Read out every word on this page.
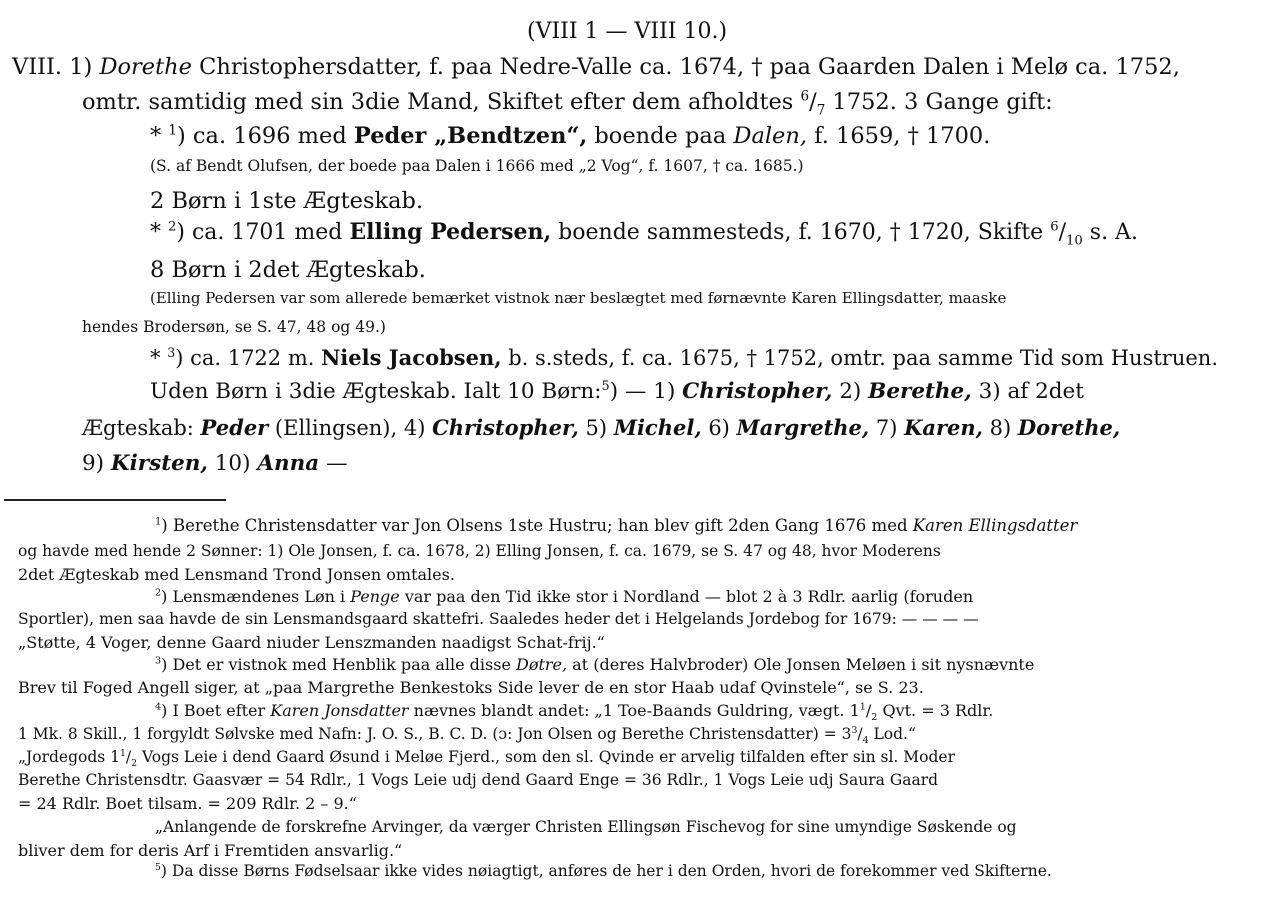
(VIII 1 — VIII 10.)
VIII. 1) Dorethe Christophersdatter, f. paa Nedre-Valle ca. 1674, † paa Gaarden Dalen i Melø ca. 1752,
omtr. samtidig med sin 3die Mand, Skiftet efter dem afholdtes $^6/_7$ 1752. 3 Gange gift:
* $^1$) ca. 1696 med Peder „Bendtzen“, boende paa Dalen, f. 1659, † 1700.
(S. af Bendt Olufsen, der boede paa Dalen i 1666 med „2 Vog“, f. 1607, † ca. 1685.)
2 Børn i 1ste Ægteskab.
* $^2$) ca. 1701 med Elling Pedersen, boende sammesteds, f. 1670, † 1720, Skifte $^6/_{10}$ s. A.
8 Børn i 2det Ægteskab.
(Elling Pedersen var som allerede bemærket vistnok nær beslægtet med førnævnte Karen Ellingsdatter, maaske
hendes Brodersøn, se S. 47, 48 og 49.)
* $^3$) ca. 1722 m. Niels Jacobsen, b. s.steds, f. ca. 1675, † 1752, omtr. paa samme Tid som Hustruen.
Uden Børn i 3die Ægteskab. Ialt 10 Børn:$^5$) — 1) Christopher, 2) Berethe, 3) af 2det
Ægteskab: Peder (Ellingsen), 4) Christopher, 5) Michel, 6) Margrethe, 7) Karen, 8) Dorethe,
9) Kirsten, 10) Anna —
$^1$) Berethe Christensdatter var Jon Olsens 1ste Hustru; han blev gift 2den Gang 1676 med Karen Ellingsdatter
og havde med hende 2 Sønner: 1) Ole Jonsen, f. ca. 1678, 2) Elling Jonsen, f. ca. 1679, se S. 47 og 48, hvor Moderens
2det Ægteskab med Lensmand Trond Jonsen omtales.
$^2$) Lensmændenes Løn i Penge var paa den Tid ikke stor i Nordland — blot 2 à 3 Rdlr. aarlig (foruden
Sportler), men saa havde de sin Lensmandsgaard skattefri. Saaledes heder det i Helgelands Jordebog for 1679: — — — —
„Støtte, 4 Voger, denne Gaard niuder Lenszmanden naadigst Schat-frij.“
$^3$) Det er vistnok med Henblik paa alle disse Døtre, at (deres Halvbroder) Ole Jonsen Meløen i sit nysnævnte
Brev til Foged Angell siger, at „paa Margrethe Benkestoks Side lever de en stor Haab udaf Qvinstele“, se S. 23.
$^4$) I Boet efter Karen Jonsdatter nævnes blandt andet: „1 Toe-Baands Guldring, vægt. $1^1/_2$ Qvt. = 3 Rdlr.
1 Mk. 8 Skill., 1 forgyldt Sølvske med Nafn: J. O. S., B. C. D. (ɔ: Jon Olsen og Berethe Christensdatter) = $3^3/_4$ Lod.“
„Jordegods $1^1/_2$ Vogs Leie i dend Gaard Øsund i Meløe Fjerd., som den sl. Qvinde er arvelig tilfalden efter sin sl. Moder
Berethe Christensdtr. Gaasvær = 54 Rdlr., 1 Vogs Leie udj dend Gaard Enge = 36 Rdlr., 1 Vogs Leie udj Saura Gaard
= 24 Rdlr. Boet tilsam. = 209 Rdlr. 2 – 9.“
„Anlangende de forskrefne Arvinger, da værger Christen Ellingsøn Fischevog for sine umyndige Søskende og
bliver dem for deris Arf i Fremtiden ansvarlig.“
$^5$) Da disse Børns Fødselsaar ikke vides nøiagtigt, anføres de her i den Orden, hvori de forekommer ved Skifterne.
